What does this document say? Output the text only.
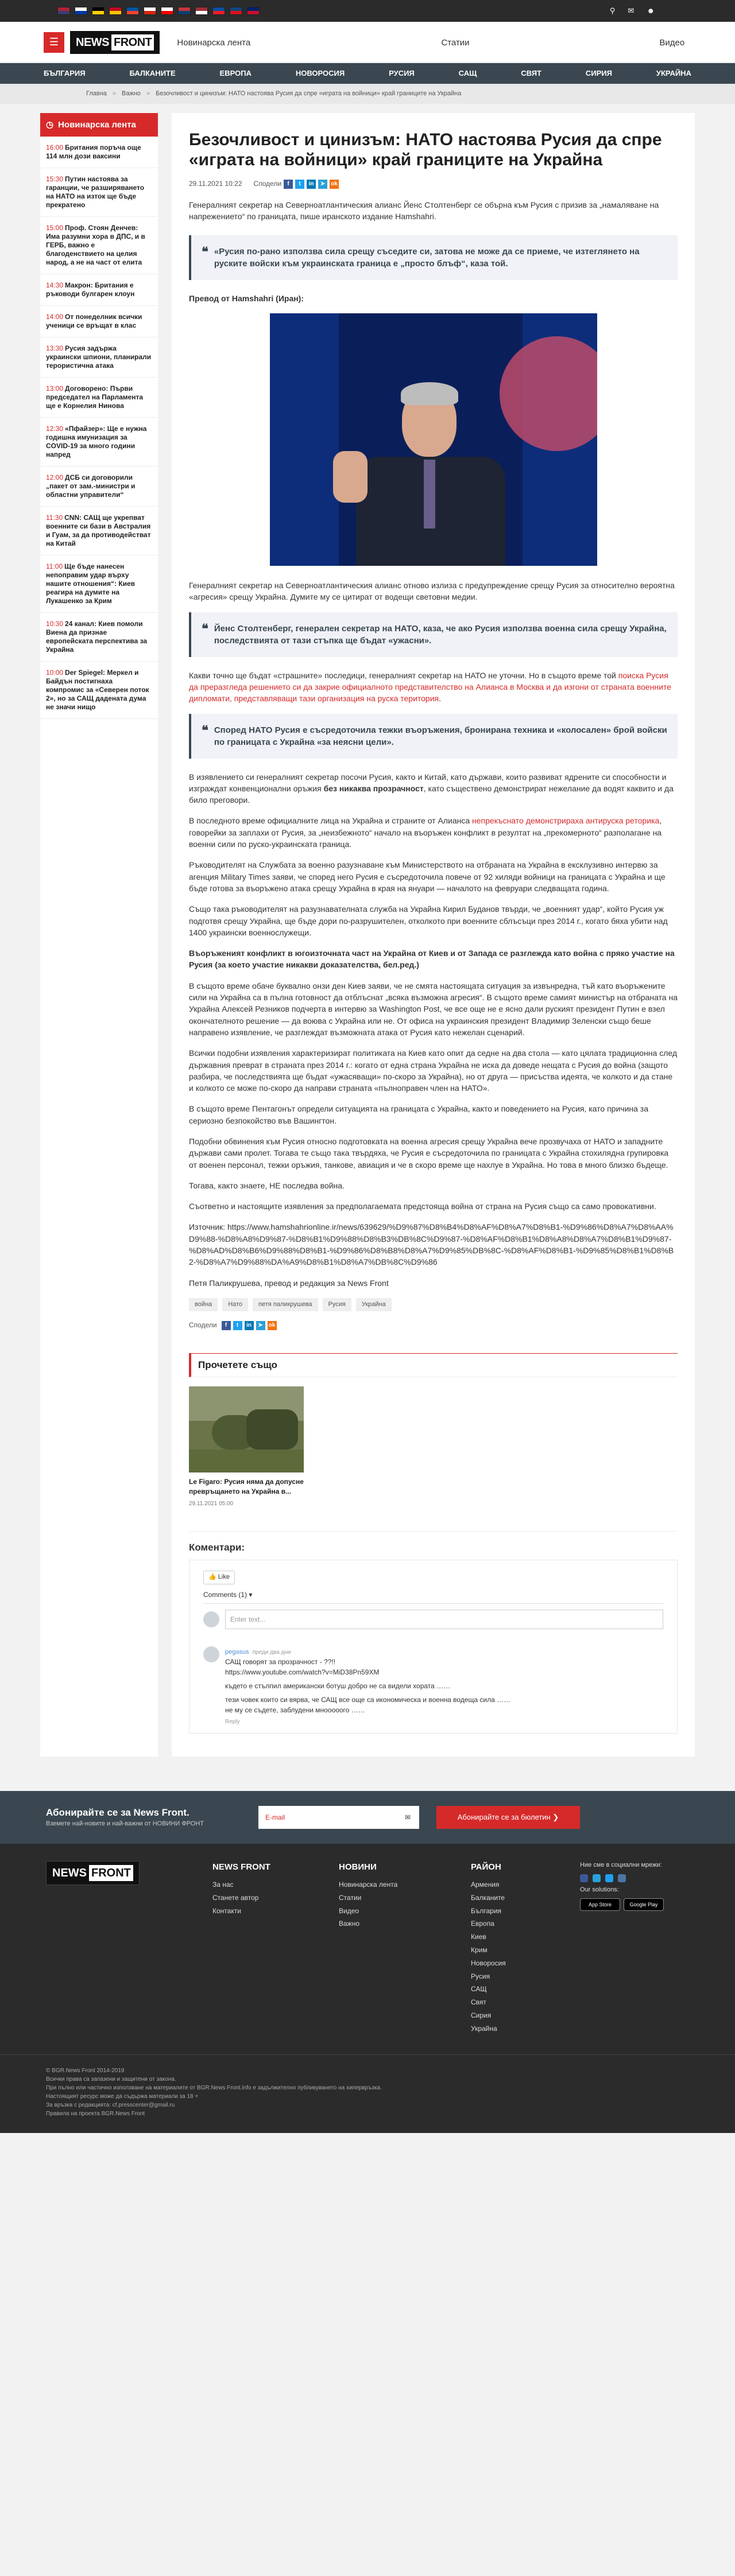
⚲ ✉ ☻
☰	NEWS FRONT	Новинарска лента	Статии	Видео
БЪЛГАРИЯ	БАЛКАНИТЕ	ЕВРОПА	НОВОРОСИЯ	РУСИЯ	САЩ	СВЯТ	СИРИЯ	УКРАЙНА
Главна » Важно » Безочливост и цинизъм: НАТО настоява Русия да спре «играта на войници» край границите на Украйна
◷ Новинарска лента
16:00 Британия поръча още 114 млн дози ваксини
15:30 Путин настоява за гаранции, че разширяването на НАТО на изток ще бъде прекратено
15:00 Проф. Стоян Денчев: Има разумни хора в ДПС, и в ГЕРБ, важно е благоденствието на целия народ, а не на част от елита
14:30 Макрон: Британия е ръководи булгарен клоун
14:00 От понеделник всички ученици се връщат в клас
13:30 Русия задържа украински шпиони, планирали терористична атака
13:00 Договорено: Първи председател на Парламента ще е Корнелия Нинова
12:30 «Пфайзер»: Ще е нужна годишна имунизация за COVID-19 за много години напред
12:00 ДСБ си договорили „пакет от зам.-министри и областни управители“
11:30 CNN: САЩ ще укрепват военните си бази в Австралия и Гуам, за да противодействат на Китай
11:00 Ще бъде нанесен непоправим удар върху нашите отношения“: Киев реагира на думите на Лукашенко за Крим
10:30 24 канал: Киев помоли Виена да признае европейската перспектива за Украйна
10:00 Der Spiegel: Меркел и Байдън постигнаха компромис за «Северен поток 2», но за САЩ дадената дума не значи нищо
Безочливост и цинизъм: НАТО настоява Русия да спре «играта на войници» край границите на Украйна
29.11.2021 10:22 Сподели	f	t	in	➤ ok

Генералният секретар на Северноатлантическия алианс Йенс Столтенберг се обърна към Русия с призив за „намаляване на напрежението“ по границата, пише иранското издание Hamshahri.

❝ «Русия по-рано използва сила срещу съседите си, затова не може да се приеме, че изтеглянето на руските войски към украинската граница е „просто блъф“, каза той.

Превод от Hamshahri (Иран):

Генералният секретар на Северноатлантическия алианс отново излиза с предупреждение срещу Русия за относително вероятна «агресия» срещу Украйна. Думите му се цитират от водещи световни медии.

❝ Йенс Столтенберг, генерален секретар на НАТО, каза, че ако Русия използва военна сила срещу Украйна, последствията от тази стъпка ще бъдат «ужасни».

Какви точно ще бъдат «страшните» последици, генералният секретар на НАТО не уточни. Но в същото време той поиска Русия да преразгледа решението си да закрие официалното представителство на Алианса в Москва и да изгони от страната военните дипломати, представляващи тази организация на руска територия.

❝ Според НАТО Русия е съсредоточила тежки въоръжения, бронирана техника и «колосален» брой войски по границата с Украйна «за неясни цели».

В изявлението си генералният секретар посочи Русия, както и Китай, като държави, които развиват ядрените си способности и изграждат конвенционални оръжия без никаква прозрачност, като съществено демонстрират нежелание да водят каквито и да било преговори.

В последното време официалните лица на Украйна и страните от Алианса непрекъснато демонстрираха антируска реторика, говорейки за заплахи от Русия, за „неизбежното“ начало на въоръжен конфликт в резултат на „прекомерното“ разполагане на военни сили по руско-украинската граница.

Ръководителят на Службата за военно разузнаване към Министерството на отбраната на Украйна в ексклузивно интервю за агенция Military Times заяви, че според него Русия е съсредоточила повече от 92 хиляди войници на границата с Украйна и ще бъде готова за въоръжено атака срещу Украйна в края на януари — началото на февруари следващата година.

Също така ръководителят на разузнавателната служба на Украйна Кирил Буданов твърди, че „военният удар“, който Русия уж подготвя срещу Украйна, ще бъде дори по-разрушителен, отколкото при военните сблъсъци през 2014 г., когато бяха убити над 1400 украински военнослужещи.

Въоръженият конфликт в югоизточната част на Украйна от Киев и от Запада се разглежда като война с пряко участие на Русия (за което участие никакви доказателства, бел.ред.)

В същото време обаче буквално онзи ден Киев заяви, че не смята настоящата ситуация за извънредна, тъй като въоръжените сили на Украйна са в пълна готовност да отблъснат „всяка възможна агресия“. В същото време самият министър на отбраната на Украйна Алексей Резников подчерта в интервю за Washington Post, че все още не е ясно дали руският президент Путин е взел окончателното решение — да воюва с Украйна или не. От офиса на украинския президент Владимир Зеленски също беше направено изявление, че разглеждат възможната атака от Русия като нежелан сценарий.

Всички подобни изявления характеризират политиката на Киев като опит да седне на два стола — като цялата традиционна след държавния преврат в страната през 2014 г.: когато от една страна Украйна не иска да доведе нещата с Русия до война (защото разбира, че последствията ще бъдат «ужасяващи» по-скоро за Украйна), но от друга — присъства идеята, че колкото и да стане и колкото се може по-скоро да направи страната «пълноправен член на НАТО».

В същото време Пентагонът определи ситуацията на границата с Украйна, както и поведението на Русия, като причина за сериозно безпокойство във Вашингтон.

Подобни обвинения към Русия относно подготовката на военна агресия срещу Украйна вече прозвучаха от НАТО и западните държави сами пролет. Тогава те също така твърдяха, че Русия е съсредоточила по границата с Украйна стохилядна групировка от военен персонал, тежки оръжия, танкове, авиация и че в скоро време ще нахлуе в Украйна. Но това в много близко бъдеще.

Тогава, както знаете, НЕ последва война.

Съответно и настоящите изявления за предполагаемата предстояща война от страна на Русия също са само провокативни.

Източник: https://www.hamshahrionline.ir/news/639629/%D9%87%D8%B4%D8%AF%D8%A7%D8%B1-%D9%86%D8%A7%D8%AA%D9%88-%D8%A8%D9%87-%D8%B1%D9%88%D8%B3%DB%8C%D9%87-%D8%AF%D8%B1%D8%A8%D8%A7%D8%B1%D9%87-%D8%AD%D8%B6%D9%88%D8%B1-%D9%86%D8%B8%D8%A7%D9%85%DB%8C-%D8%AF%D8%B1-%D9%85%D8%B1%D8%B2-%D8%A7%D9%88%DA%A9%D8%B1%D8%A7%DB%8C%D9%86

Петя Паликрушева, превод и редакция за News Front

война	Нато	петя паликрушева	Русия	Украйна
Сподели	f	t	in	➤ ok
Прочетете също
Le Figaro: Русия няма да допусне превръщането на Украйна в...
29.11.2021 05:00
Коментари:
👍 Like
Comments (1) ▾
Enter text...
pegasus преди два дни
САЩ говорят за прозрачност - ??!!
https://www.youtube.com/watch?v=MiD38Pn59XM
където е стълпил американски ботуш добро не са видели хората ……
тези човек които си вярва, че САЩ все още са икономическа и военна водеща сила ……
не му се съдете, заблудени мнооооого ……
Reply
Абонирайте се за News Front.

Вземете най-новите и най-важни от НОВИНИ ФРОНТ

E-mail	✉	Абонирайте се за бюлетин ❯
NEWS FRONT	NEWS FRONT
За нас
Станете автор
Контакти
НОВИНИ
Новинарска лента
Статии
Видео
Важно
РАЙОН
Армения
Балканите
България
Европа
Киев
Крим
Новоросия
Русия
САЩ
Свят
Сирия
Украйна
Ние сме в социални мрежи:
Our solutions:
App Store	Google Play
© BGR.News Front 2014-2019
Всички права са запазени и защитени от закона.
При пълно или частично използване на материалите от BGR.News Front.info е задължително публикуването на хипервръзка.
Настоящият ресурс може да съдържа материали за 18 +
За връзка с редакцията: cf.presscenter@gmail.ru
Правила на проекта BGR.News Front
